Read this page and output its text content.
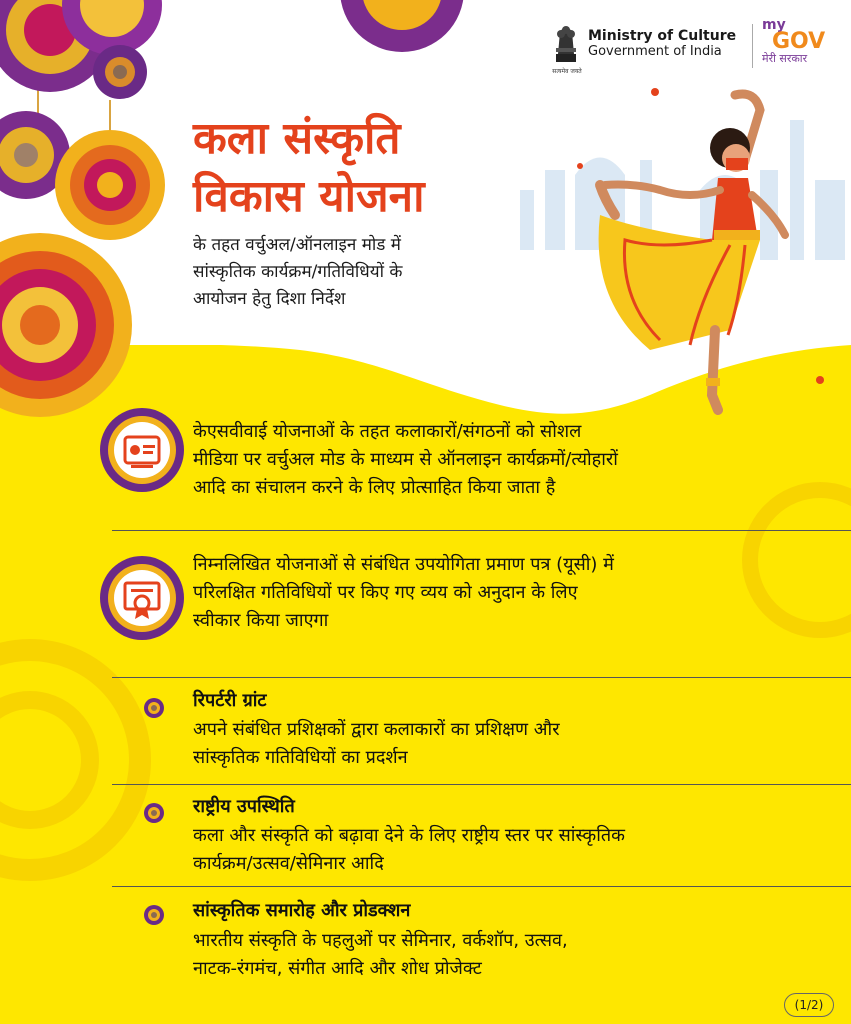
सत्यमेव जयते
Ministry of Culture
Government of India
my
GOV
मेरी सरकार
कला संस्कृति
विकास योजना
के तहत वर्चुअल/ऑनलाइन मोड में
सांस्कृतिक कार्यक्रम/गतिविधियों के
आयोजन हेतु दिशा निर्देश
केएसवीवाई योजनाओं के तहत कलाकारों/संगठनों को सोशल
मीडिया पर वर्चुअल मोड के माध्यम से ऑनलाइन कार्यक्रमों/त्योहारों
आदि का संचालन करने के लिए प्रोत्साहित किया जाता है
निम्नलिखित योजनाओं से संबंधित उपयोगिता प्रमाण पत्र (यूसी) में
परिलक्षित गतिविधियों पर किए गए व्यय को अनुदान के लिए
स्वीकार किया जाएगा
रिपर्टरी ग्रांट
अपने संबंधित प्रशिक्षकों द्वारा कलाकारों का प्रशिक्षण और
सांस्कृतिक गतिविधियों का प्रदर्शन
राष्ट्रीय उपस्थिति
कला और संस्कृति को बढ़ावा देने के लिए राष्ट्रीय स्तर पर सांस्कृतिक
कार्यक्रम/उत्सव/सेमिनार आदि
सांस्कृतिक समारोह और प्रोडक्शन
भारतीय संस्कृति के पहलुओं पर सेमिनार, वर्कशॉप, उत्सव,
नाटक-रंगमंच, संगीत आदि और शोध प्रोजेक्ट
(1/2)
